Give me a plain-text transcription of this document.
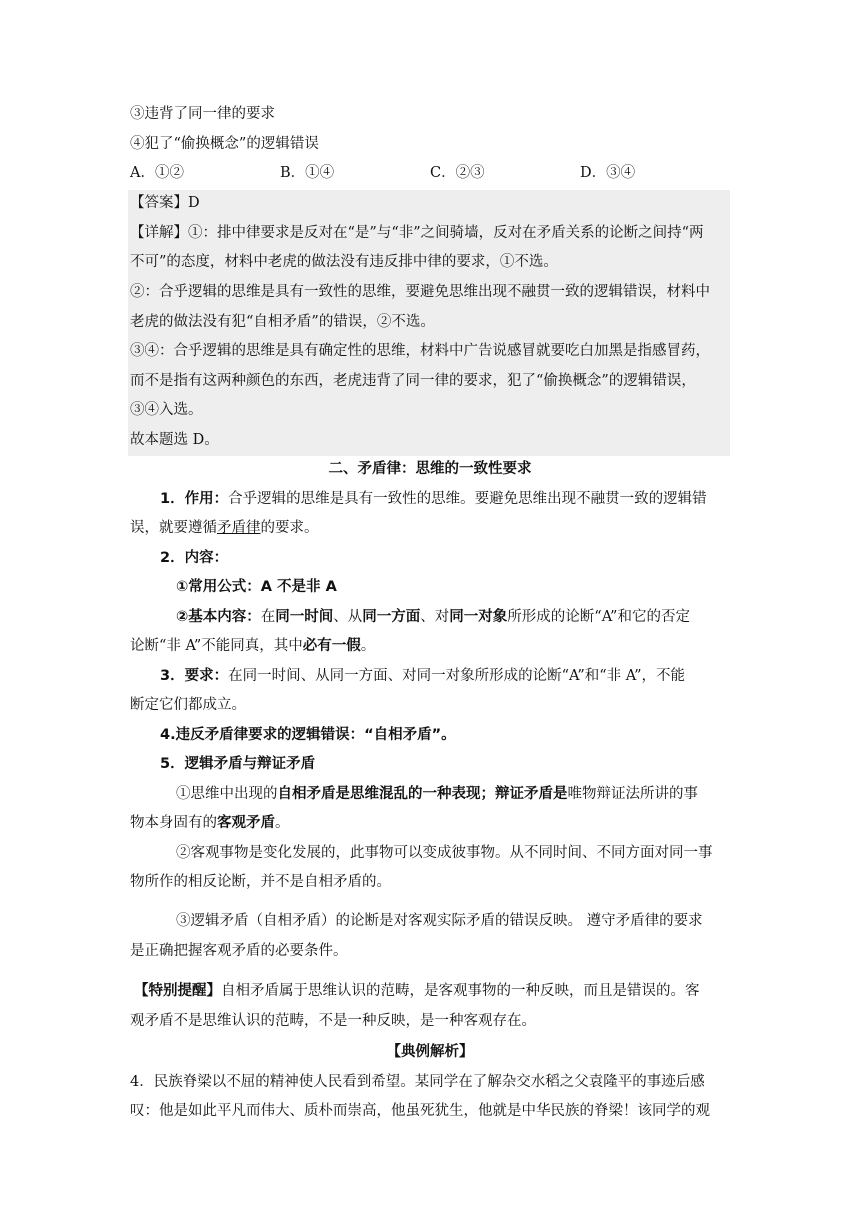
③违背了同一律的要求
④犯了“偷换概念”的逻辑错误
A．①②	B．①④	C．②③	D．③④
【答案】D
【详解】①：排中律要求是反对在“是”与“非”之间骑墙，反对在矛盾关系的论断之间持“两
不可”的态度，材料中老虎的做法没有违反排中律的要求，①不选。
②：合乎逻辑的思维是具有一致性的思维，要避免思维出现不融贯一致的逻辑错误，材料中
老虎的做法没有犯“自相矛盾”的错误，②不选。
③④：合乎逻辑的思维是具有确定性的思维，材料中广告说感冒就要吃白加黑是指感冒药，
而不是指有这两种颜色的东西，老虎违背了同一律的要求，犯了“偷换概念”的逻辑错误，
③④入选。
故本题选 D。
二、矛盾律：思维的一致性要求
1．作用：合乎逻辑的思维是具有一致性的思维。要避免思维出现不融贯一致的逻辑错
误，就要遵循矛盾律的要求。
2．内容：
①常用公式：A 不是非 A
②基本内容：在同一时间、从同一方面、对同一对象所形成的论断“A”和它的否定
论断“非 A”不能同真，其中必有一假。
3．要求：在同一时间、从同一方面、对同一对象所形成的论断“A”和“非 A”，不能
断定它们都成立。
4.违反矛盾律要求的逻辑错误：“自相矛盾”。
5．逻辑矛盾与辩证矛盾
①思维中出现的自相矛盾是思维混乱的一种表现；辩证矛盾是唯物辩证法所讲的事
物本身固有的客观矛盾。
②客观事物是变化发展的，此事物可以变成彼事物。从不同时间、不同方面对同一事
物所作的相反论断，并不是自相矛盾的。
③逻辑矛盾（自相矛盾）的论断是对客观实际矛盾的错误反映。 遵守矛盾律的要求
是正确把握客观矛盾的必要条件。
【特别提醒】自相矛盾属于思维认识的范畴，是客观事物的一种反映，而且是错误的。客
观矛盾不是思维认识的范畴，不是一种反映，是一种客观存在。
【典例解析】
4．民族脊梁以不屈的精神使人民看到希望。某同学在了解杂交水稻之父袁隆平的事迹后感
叹：他是如此平凡而伟大、质朴而崇高，他虽死犹生，他就是中华民族的脊梁！该同学的观
